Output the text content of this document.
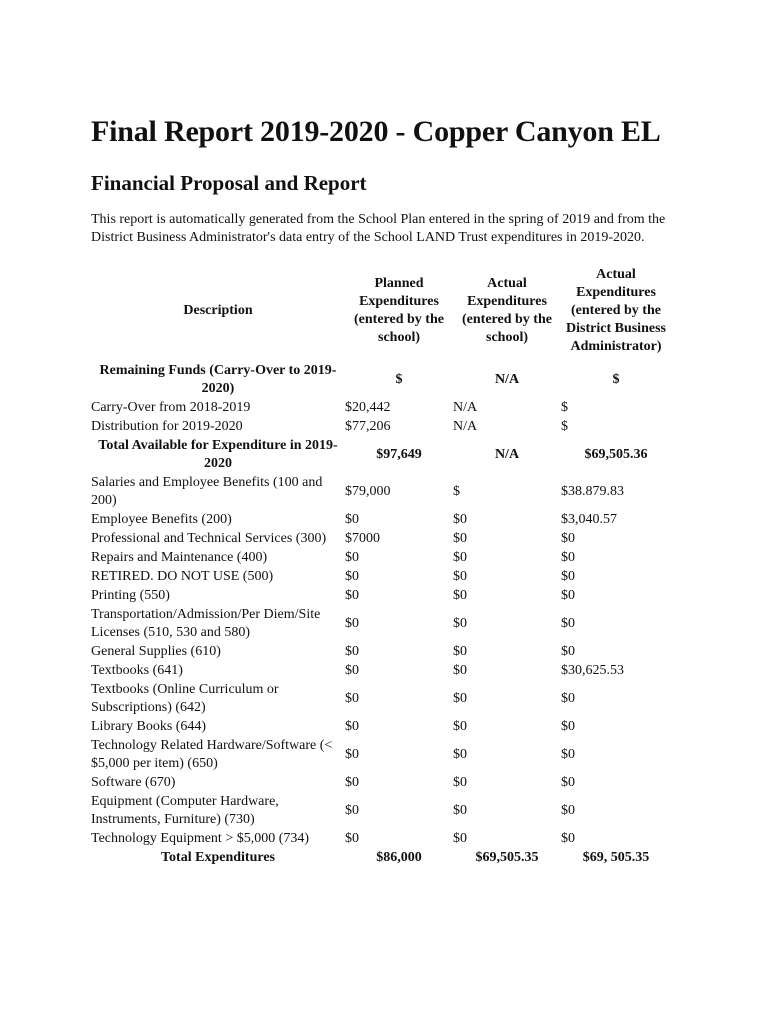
Final Report 2019-2020 - Copper Canyon EL
Financial Proposal and Report

This report is automatically generated from the School Plan entered in the spring of 2019 and from the District Business Administrator's data entry of the School LAND Trust expenditures in 2019-2020.

Description	Planned Expenditures (entered by the school)	Actual Expenditures (entered by the school)	Actual Expenditures (entered by the District Business Administrator)
Remaining Funds (Carry-Over to 2019-2020)	$	N/A	$
Carry-Over from 2018-2019	$20,442	N/A	$
Distribution for 2019-2020	$77,206	N/A	$
Total Available for Expenditure in 2019-2020	$97,649	N/A	$69,505.36
Salaries and Employee Benefits (100 and 200)	$79,000	$	$38.879.83
Employee Benefits (200)	$0	$0	$3,040.57
Professional and Technical Services (300)	$7000	$0	$0
Repairs and Maintenance (400)	$0	$0	$0
RETIRED. DO NOT USE (500)	$0	$0	$0
Printing (550)	$0	$0	$0
Transportation/Admission/Per Diem/Site Licenses (510, 530 and 580)	$0	$0	$0
General Supplies (610)	$0	$0	$0
Textbooks (641)	$0	$0	$30,625.53
Textbooks (Online Curriculum or Subscriptions) (642)	$0	$0	$0
Library Books (644)	$0	$0	$0
Technology Related Hardware/Software (< $5,000 per item) (650)	$0	$0	$0
Software (670)	$0	$0	$0
Equipment (Computer Hardware, Instruments, Furniture) (730)	$0	$0	$0
Technology Equipment > $5,000 (734)	$0	$0	$0
Total Expenditures	$86,000	$69,505.35	$69, 505.35
